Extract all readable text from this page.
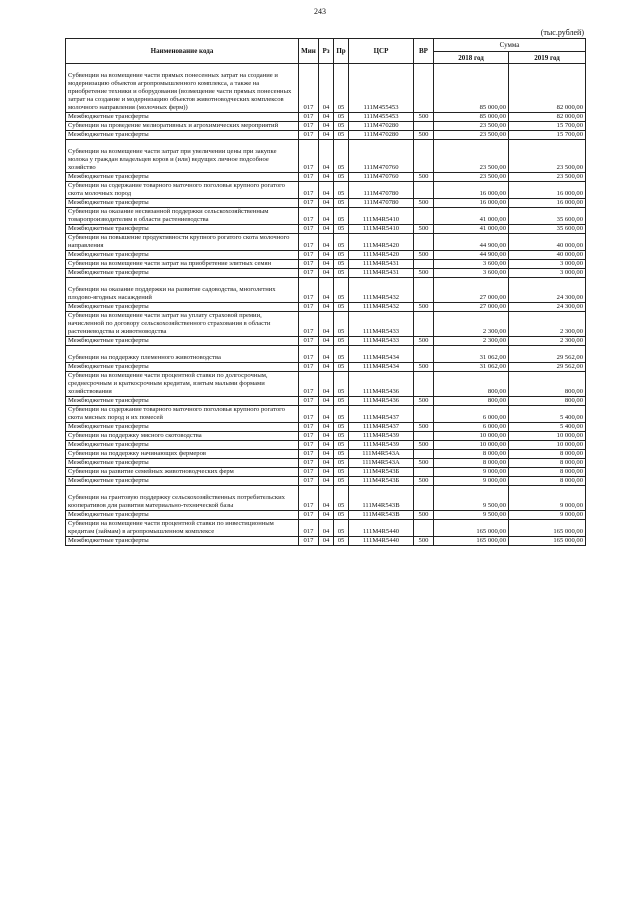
243
(тыс.рублей)
Наименование кода	Мин	Рз	Пр	ЦСР	ВР	Сумма	
						2018 год	2019 год
Субвенции на возмещение части прямых понесенных затрат на создание и модернизацию объектов агропромышленного комплекса, а также на приобретение техники и оборудования (возмещение части прямых понесенных затрат на создание и модернизацию объектов животноводческих комплексов молочного направления (молочных ферм))	017	04	05	111М455453		85 000,00	82 000,00
Межбюджетные трансферты	017	04	05	111М455453	500	85 000,00	82 000,00
Субвенции на проведение мелиоративных и агрохимических мероприятий	017	04	05	111М470280		23 500,00	15 700,00
Межбюджетные трансферты	017	04	05	111М470280	500	23 500,00	15 700,00
Субвенции на возмещение части затрат при увеличении цены при закупке молока у граждан владельцев коров и (или) ведущих личное подсобное хозяйство	017	04	05	111М470760		23 500,00	23 500,00
Межбюджетные трансферты	017	04	05	111М470760	500	23 500,00	23 500,00
Субвенции на содержание товарного маточного поголовья крупного рогатого скота молочных пород	017	04	05	111М470780		16 000,00	16 000,00
Межбюджетные трансферты	017	04	05	111М470780	500	16 000,00	16 000,00
Субвенции на оказание несвязанной поддержки сельскохозяйственным товаропроизводителям в области растениеводства	017	04	05	111М4R5410		41 000,00	35 600,00
Межбюджетные трансферты	017	04	05	111М4R5410	500	41 000,00	35 600,00
Субвенции на повышение продуктивности крупного рогатого скота молочного направления	017	04	05	111М4R5420		44 900,00	40 000,00
Межбюджетные трансферты	017	04	05	111М4R5420	500	44 900,00	40 000,00
Субвенции на возмещение части затрат на приобретение элитных семян	017	04	05	111М4R5431		3 600,00	3 000,00
Межбюджетные трансферты	017	04	05	111М4R5431	500	3 600,00	3 000,00
Субвенции на оказание поддержки на развитие садоводства, многолетних плодово-ягодных насаждений	017	04	05	111М4R5432		27 000,00	24 300,00
Межбюджетные трансферты	017	04	05	111М4R5432	500	27 000,00	24 300,00
Субвенции на возмещение части затрат на уплату страховой премии, начисленной по договору сельскохозяйственного страхования в области растениеводства и животноводства	017	04	05	111М4R5433		2 300,00	2 300,00
Межбюджетные трансферты	017	04	05	111М4R5433	500	2 300,00	2 300,00
Субвенции на поддержку племенного животноводства	017	04	05	111М4R5434		31 062,00	29 562,00
Межбюджетные трансферты	017	04	05	111М4R5434	500	31 062,00	29 562,00
Субвенции на возмещение части процентной ставки по долгосрочным, среднесрочным и краткосрочным кредитам, взятым малыми формами хозяйствования	017	04	05	111М4R5436		800,00	800,00
Межбюджетные трансферты	017	04	05	111М4R5436	500	800,00	800,00
Субвенции на содержание товарного маточного поголовья крупного рогатого скота мясных пород и их помесей	017	04	05	111М4R5437		6 000,00	5 400,00
Межбюджетные трансферты	017	04	05	111М4R5437	500	6 000,00	5 400,00
Субвенции на поддержку мясного скотоводства	017	04	05	111М4R5439		10 000,00	10 000,00
Межбюджетные трансферты	017	04	05	111М4R5439	500	10 000,00	10 000,00
Субвенции на поддержку начинающих фермеров	017	04	05	111М4R543А		8 000,00	8 000,00
Межбюджетные трансферты	017	04	05	111М4R543А	500	8 000,00	8 000,00
Субвенции на развитие семейных животноводческих ферм	017	04	05	111М4R543Б		9 000,00	8 000,00
Межбюджетные трансферты	017	04	05	111М4R543Б	500	9 000,00	8 000,00
Субвенции на грантовую поддержку сельскохозяйственных потребительских кооперативов для развития материально-технической базы	017	04	05	111М4R543В		9 500,00	9 000,00
Межбюджетные трансферты	017	04	05	111М4R543В	500	9 500,00	9 000,00
Субвенции на возмещение части процентной ставки по инвестиционным кредитам (займам) в агропромышленном комплексе	017	04	05	111М4R5440		165 000,00	165 000,00
Межбюджетные трансферты	017	04	05	111М4R5440	500	165 000,00	165 000,00
